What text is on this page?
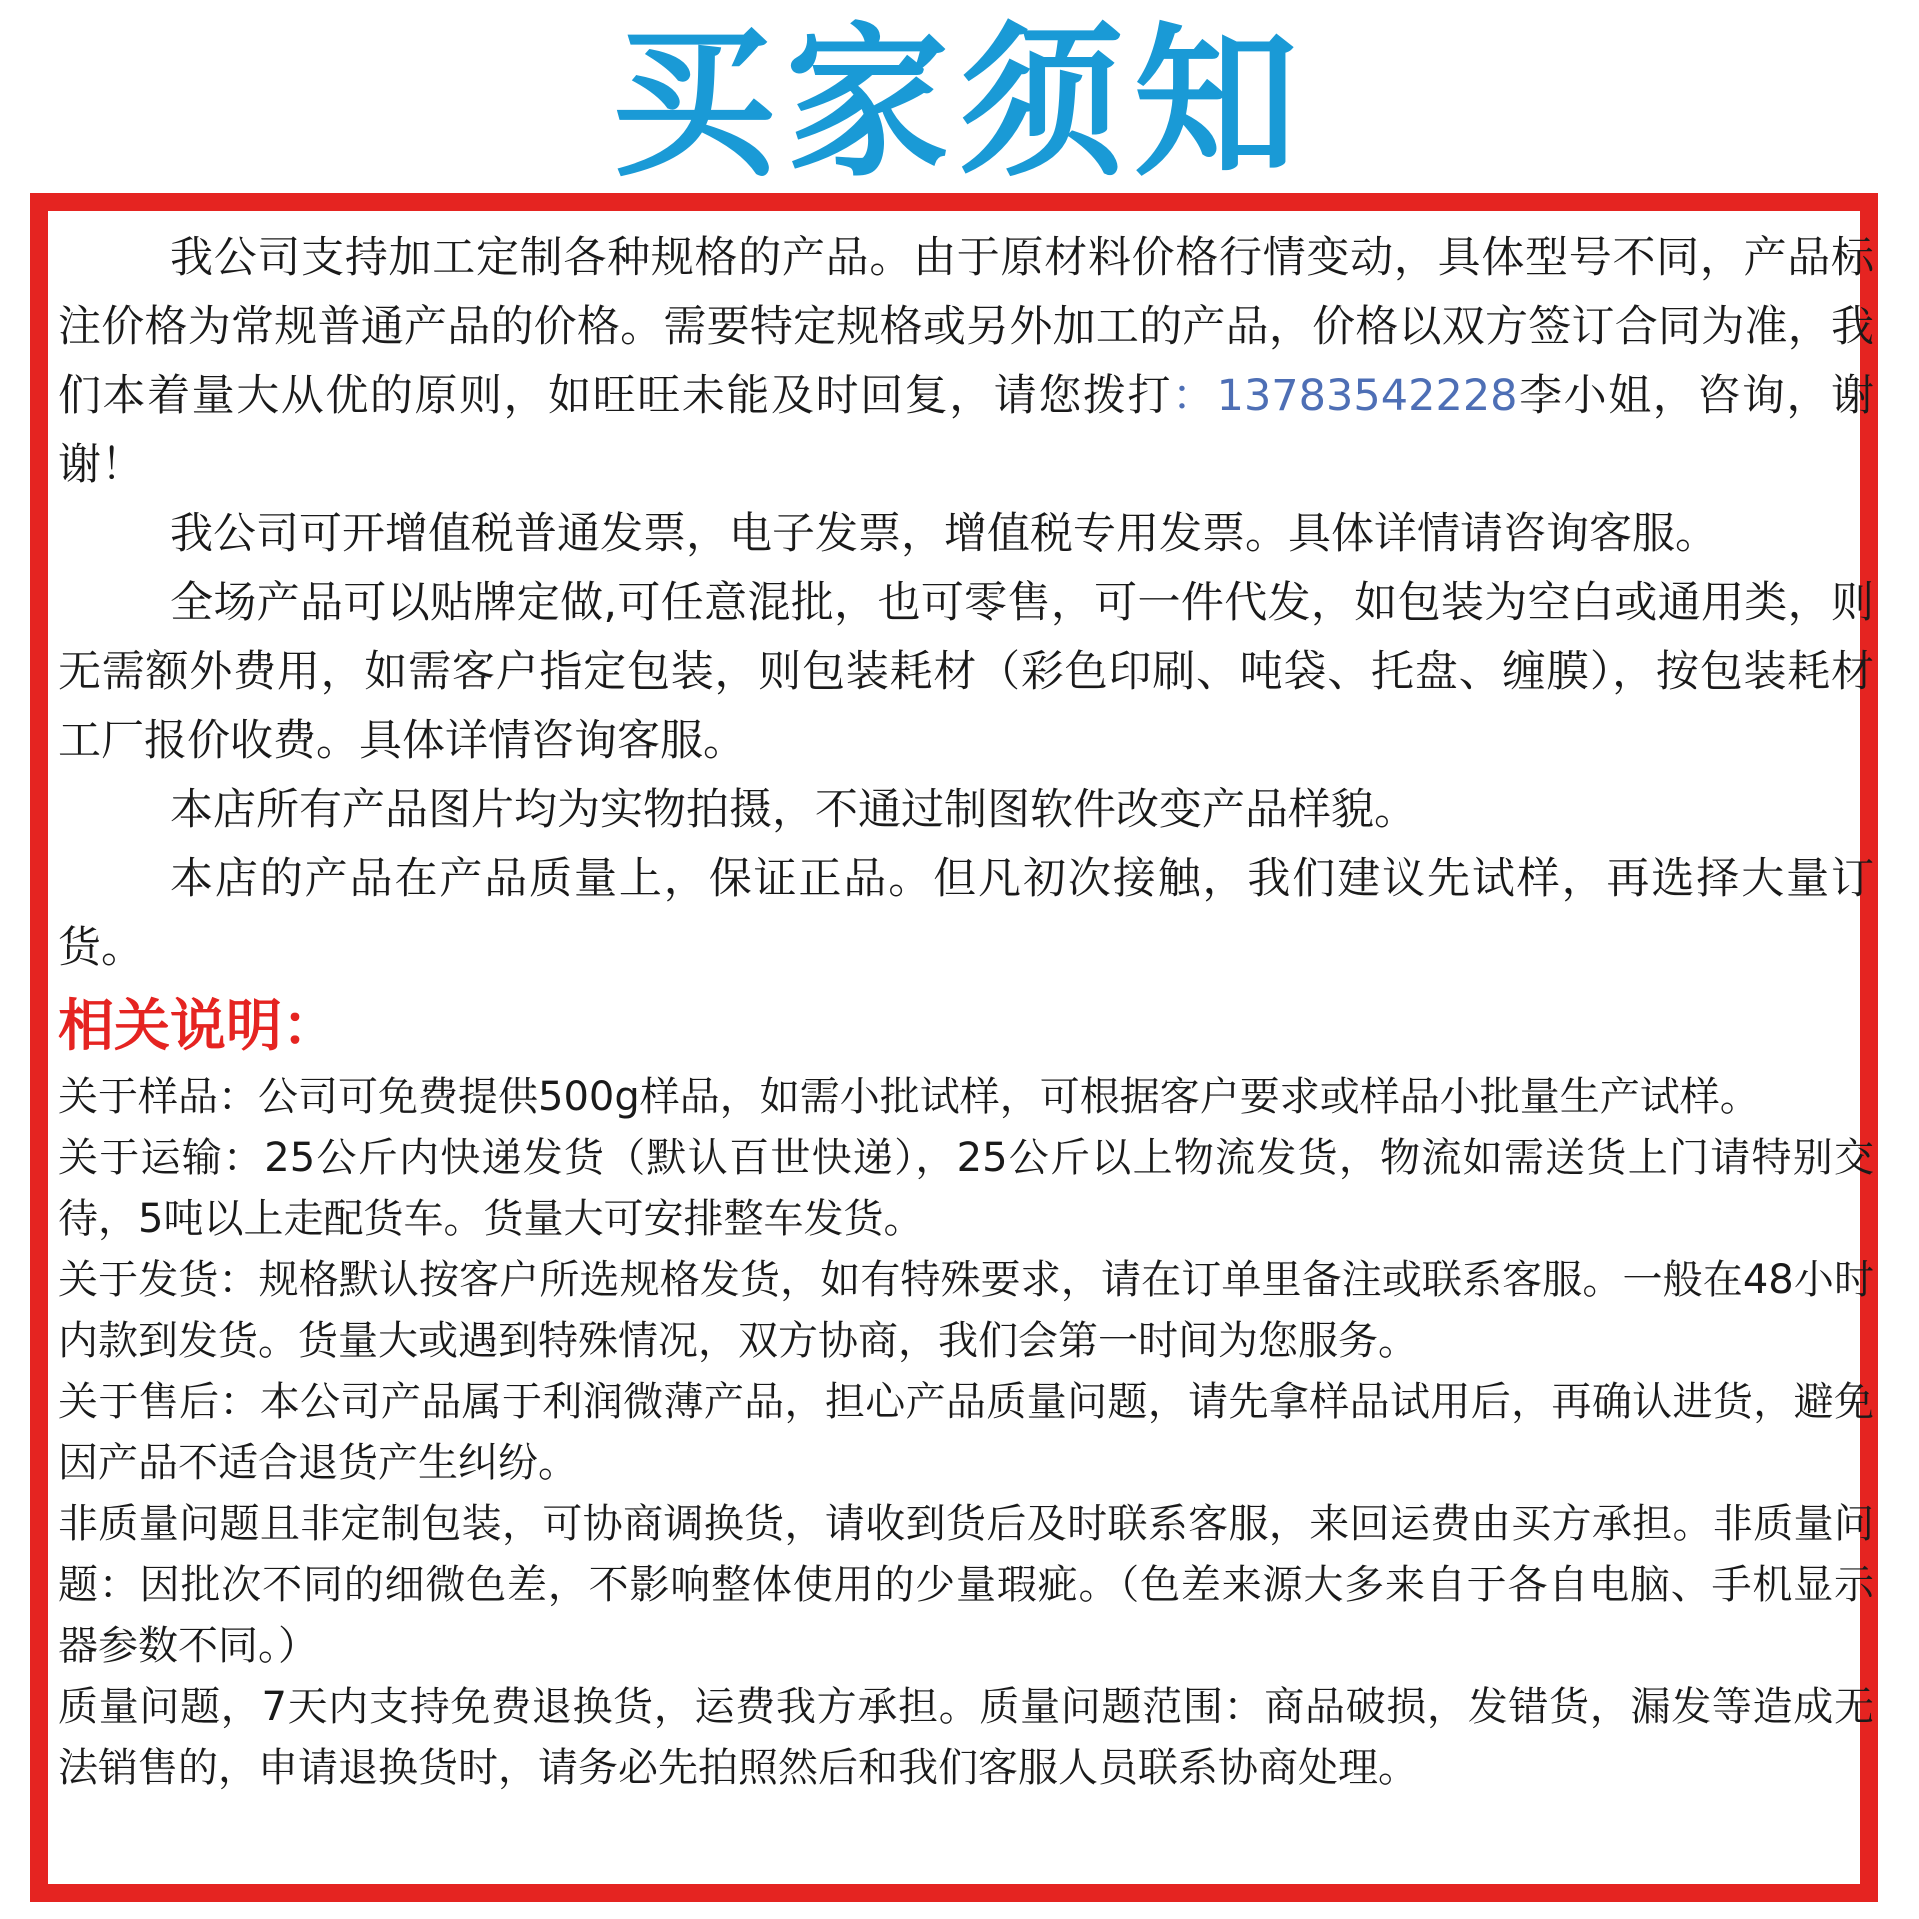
买家须知

我公司支持加工定制各种规格的产品。由于原材料价格行情变动，具体型号不同，产品标注价格为常规普通产品的价格。需要特定规格或另外加工的产品，价格以双方签订合同为准，我们本着量大从优的原则，如旺旺未能及时回复，请您拨打：13783542228李小姐，咨询，谢谢！

我公司可开增值税普通发票，电子发票，增值税专用发票。具体详情请咨询客服。

全场产品可以贴牌定做,可任意混批，也可零售，可一件代发，如包装为空白或通用类，则无需额外费用，如需客户指定包装，则包装耗材（彩色印刷、吨袋、托盘、缠膜），按包装耗材工厂报价收费。具体详情咨询客服。

本店所有产品图片均为实物拍摄，不通过制图软件改变产品样貌。

本店的产品在产品质量上，保证正品。但凡初次接触，我们建议先试样，再选择大量订货。

相关说明：

关于样品：公司可免费提供500g样品，如需小批试样，可根据客户要求或样品小批量生产试样。

关于运输：25公斤内快递发货（默认百世快递），25公斤以上物流发货，物流如需送货上门请特别交待，5吨以上走配货车。货量大可安排整车发货。

关于发货：规格默认按客户所选规格发货，如有特殊要求，请在订单里备注或联系客服。一般在48小时内款到发货。货量大或遇到特殊情况，双方协商，我们会第一时间为您服务。

关于售后：本公司产品属于利润微薄产品，担心产品质量问题，请先拿样品试用后，再确认进货，避免因产品不适合退货产生纠纷。

非质量问题且非定制包装，可协商调换货，请收到货后及时联系客服，来回运费由买方承担。非质量问题：因批次不同的细微色差，不影响整体使用的少量瑕疵。（色差来源大多来自于各自电脑、手机显示器参数不同。）

质量问题，7天内支持免费退换货，运费我方承担。质量问题范围：商品破损，发错货，漏发等造成无法销售的，申请退换货时，请务必先拍照然后和我们客服人员联系协商处理。
